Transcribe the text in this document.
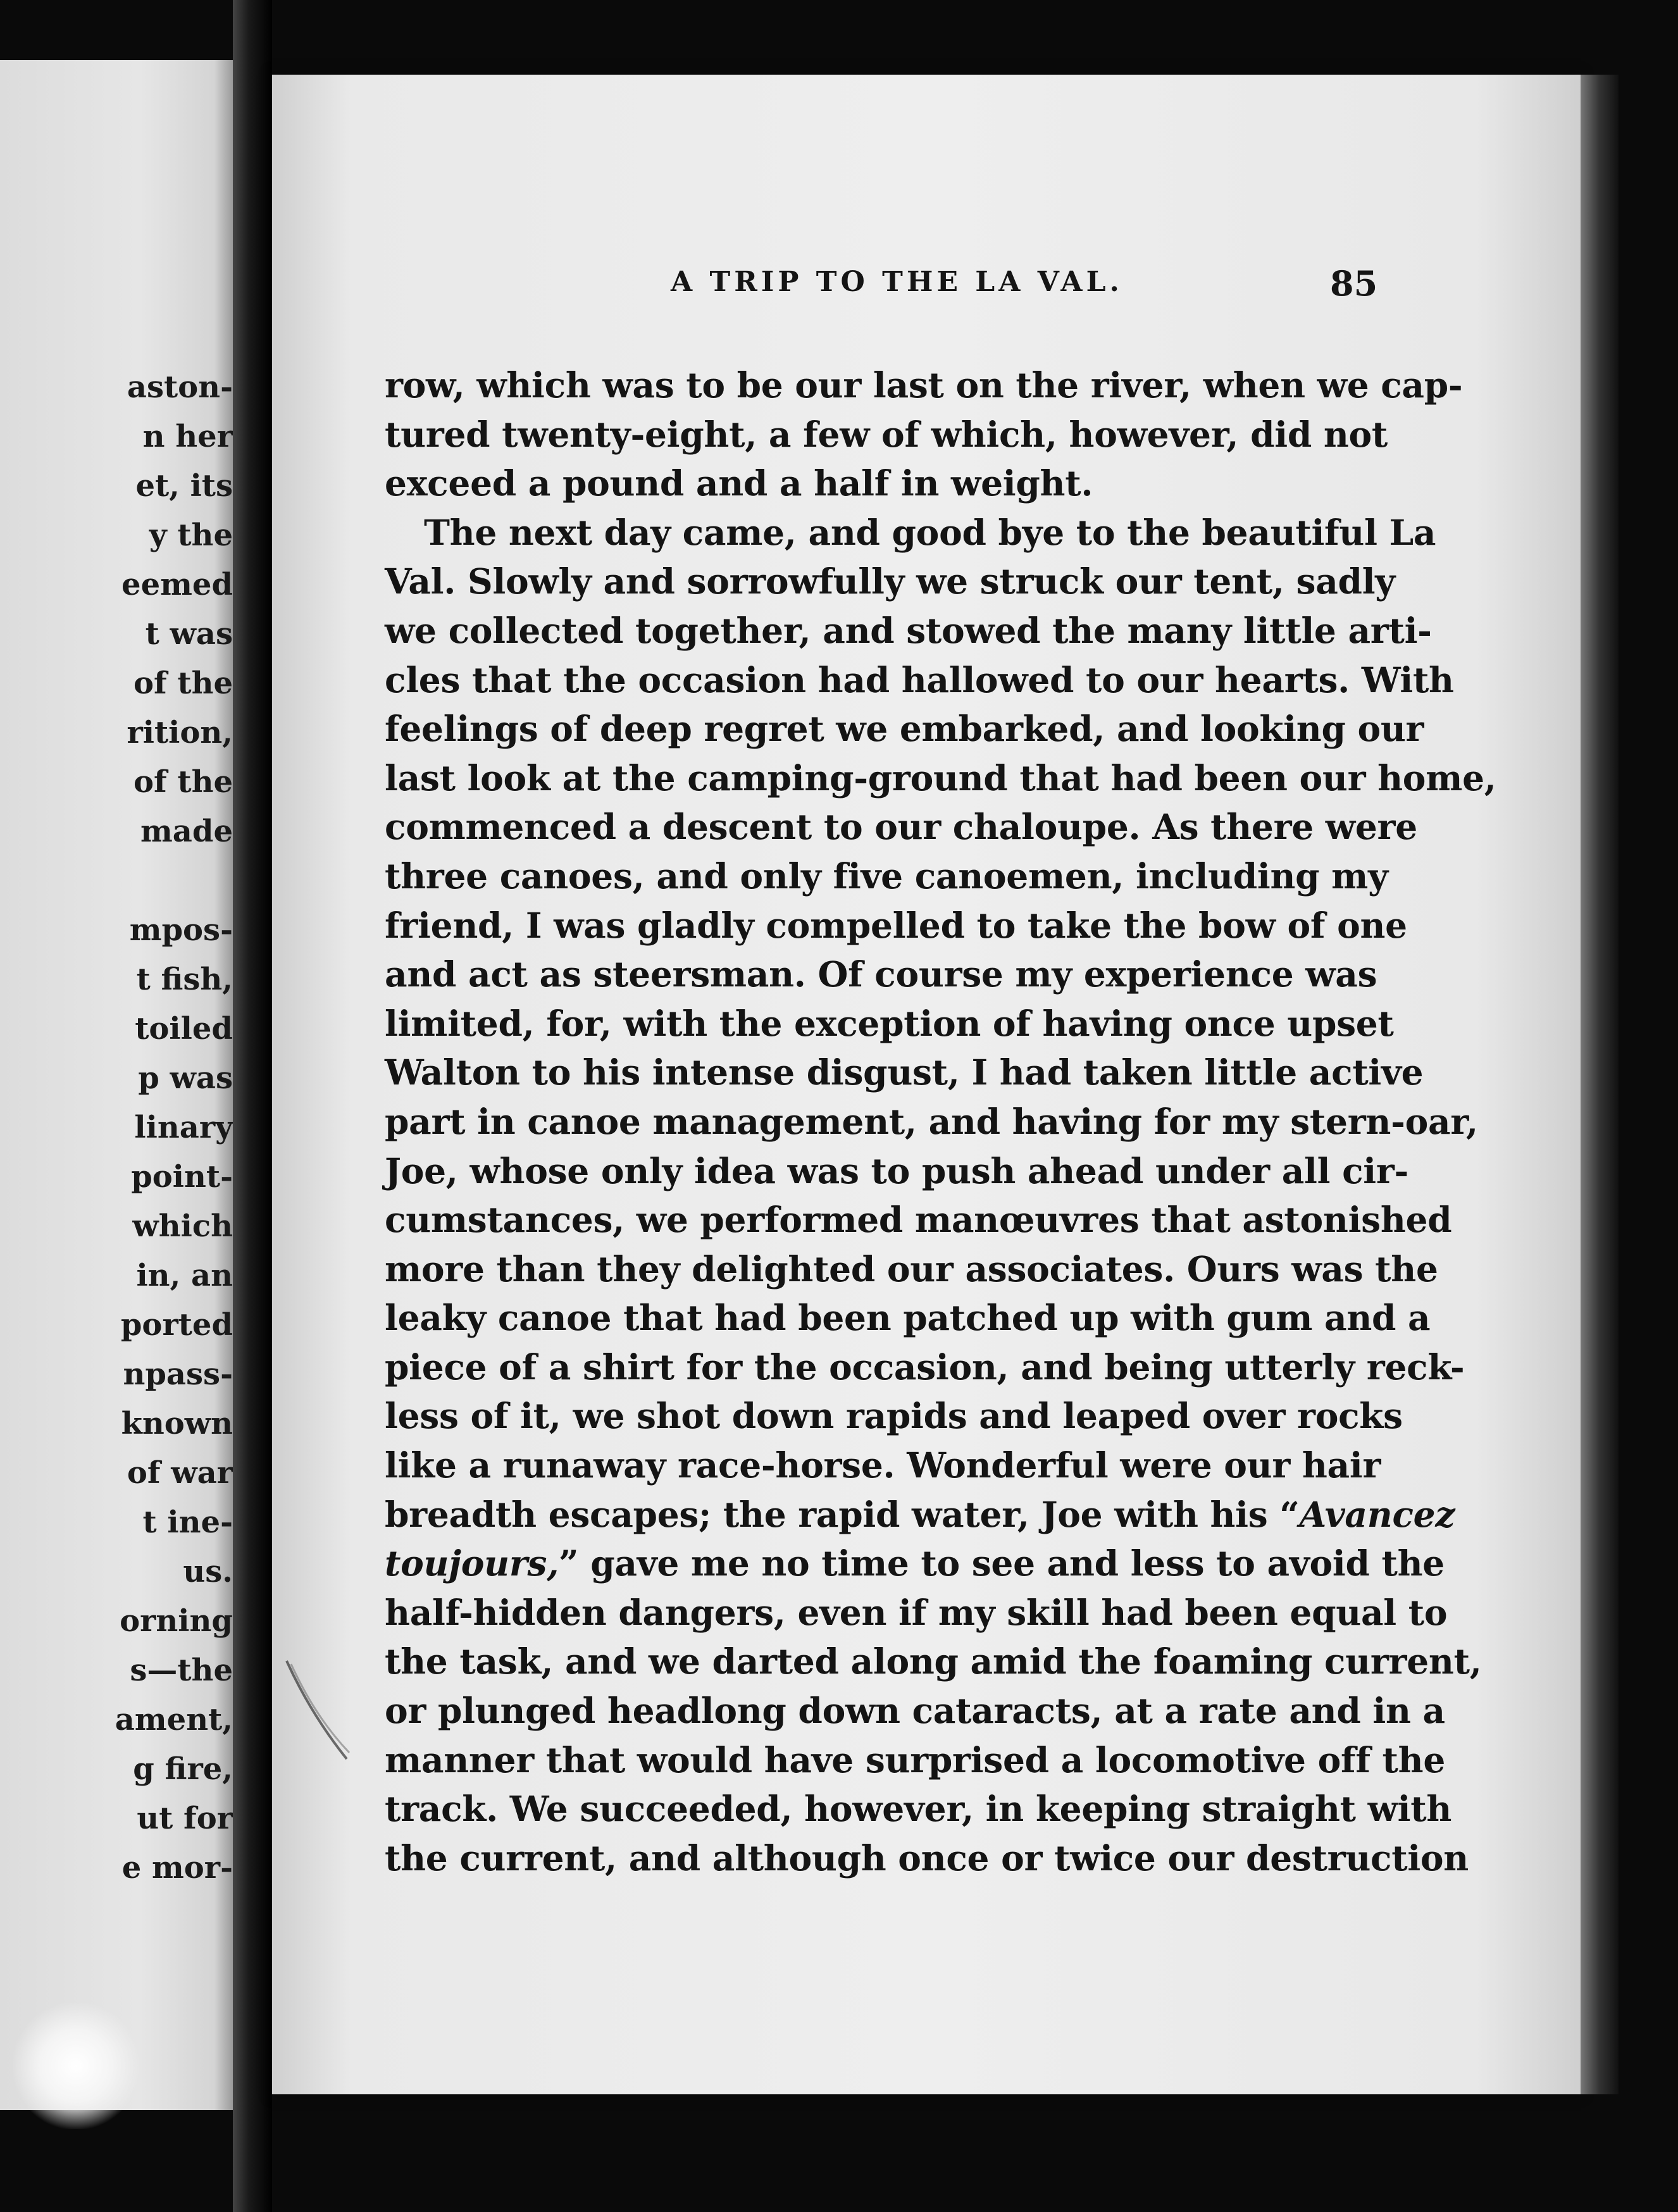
aston-
n her
et, its
y the
eemed
t was
of the
rition,
of the
made
mpos-
t fish,
toiled
p was
linary
point-
which
in, an
ported
npass-
known
of war
t ine-
us.
orning
s—the
ament,
g fire,
ut for
e mor-
A TRIP TO THE LA VAL.	85
row, which was to be our last on the river, when we cap-
tured twenty-eight, a few of which, however, did not
exceed a pound and a half in weight.
The next day came, and good bye to the beautiful La
Val. Slowly and sorrowfully we struck our tent, sadly
we collected together, and stowed the many little arti-
cles that the occasion had hallowed to our hearts. With
feelings of deep regret we embarked, and looking our
last look at the camping-ground that had been our home,
commenced a descent to our chaloupe. As there were
three canoes, and only five canoemen, including my
friend, I was gladly compelled to take the bow of one
and act as steersman. Of course my experience was
limited, for, with the exception of having once upset
Walton to his intense disgust, I had taken little active
part in canoe management, and having for my stern-oar,
Joe, whose only idea was to push ahead under all cir-
cumstances, we performed manœuvres that astonished
more than they delighted our associates. Ours was the
leaky canoe that had been patched up with gum and a
piece of a shirt for the occasion, and being utterly reck-
less of it, we shot down rapids and leaped over rocks
like a runaway race-horse. Wonderful were our hair
breadth escapes; the rapid water, Joe with his “Avancez
toujours,” gave me no time to see and less to avoid the
half-hidden dangers, even if my skill had been equal to
the task, and we darted along amid the foaming current,
or plunged headlong down cataracts, at a rate and in a
manner that would have surprised a locomotive off the
track. We succeeded, however, in keeping straight with
the current, and although once or twice our destruction
